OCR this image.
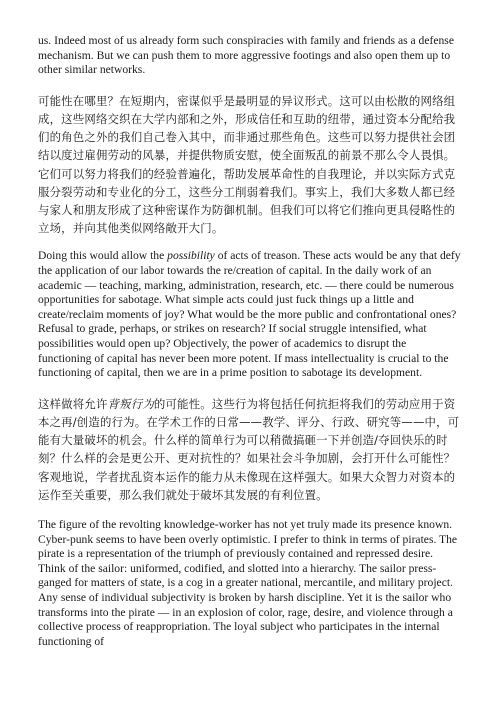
us. Indeed most of us already form such conspiracies with family and friends as a defense mechanism. But we can push them to more aggressive footings and also open them up to other similar networks.

可能性在哪里？在短期内，密谋似乎是最明显的异议形式。这可以由松散的网络组成，这些网络交织在大学内部和之外，形成信任和互助的纽带，通过资本分配给我们的角色之外的我们自己卷入其中，而非通过那些角色。这些可以努力提供社会团结以度过雇佣劳动的风暴，并提供物质安慰，使全面叛乱的前景不那么令人畏惧。它们可以努力将我们的经验普遍化，帮助发展革命性的自我理论，并以实际方式克服分裂劳动和专业化的分工，这些分工削弱着我们。事实上，我们大多数人都已经与家人和朋友形成了这种密谋作为防御机制。但我们可以将它们推向更具侵略性的立场，并向其他类似网络敞开大门。

Doing this would allow the possibility of acts of treason. These acts would be any that defy the application of our labor towards the re/creation of capital. In the daily work of an academic — teaching, marking, administration, research, etc. — there could be numerous opportunities for sabotage. What simple acts could just fuck things up a little and create/reclaim moments of joy? What would be the more public and confrontational ones? Refusal to grade, perhaps, or strikes on research? If social struggle intensified, what possibilities would open up? Objectively, the power of academics to disrupt the functioning of capital has never been more potent. If mass intellectuality is crucial to the functioning of capital, then we are in a prime position to sabotage its development.

这样做将允许背叛行为的可能性。这些行为将包括任何抗拒将我们的劳动应用于资本之再/创造的行为。在学术工作的日常——教学、评分、行政、研究等——中，可能有大量破坏的机会。什么样的简单行为可以稍微搞砸一下并创造/夺回快乐的时刻？什么样的会是更公开、更对抗性的？如果社会斗争加剧，会打开什么可能性？客观地说，学者扰乱资本运作的能力从未像现在这样强大。如果大众智力对资本的运作至关重要，那么我们就处于破坏其发展的有利位置。

The figure of the revolting knowledge-worker has not yet truly made its presence known. Cyber-punk seems to have been overly optimistic. I prefer to think in terms of pirates. The pirate is a representation of the triumph of previously contained and repressed desire. Think of the sailor: uniformed, codified, and slotted into a hierarchy. The sailor press-ganged for matters of state, is a cog in a greater national, mercantile, and military project. Any sense of individual subjectivity is broken by harsh discipline. Yet it is the sailor who transforms into the pirate — in an explosion of color, rage, desire, and violence through a collective process of reappropriation. The loyal subject who participates in the internal functioning of
